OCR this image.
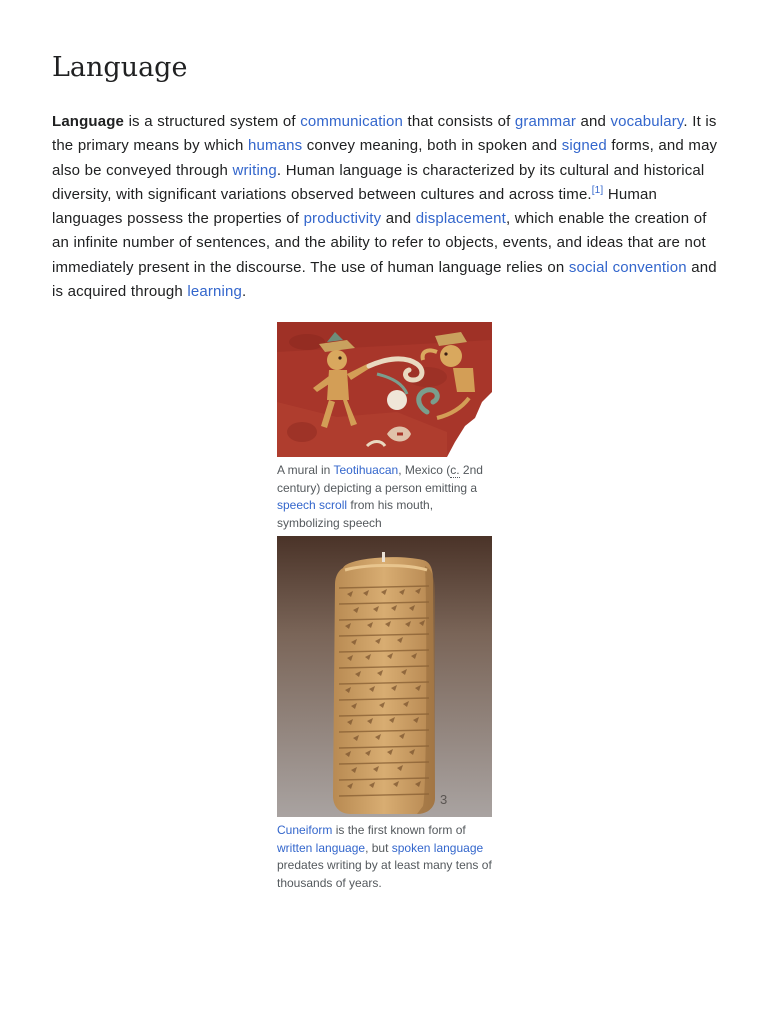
Language

Language is a structured system of communication that consists of grammar and vocabulary. It is the primary means by which humans convey meaning, both in spoken and signed forms, and may also be conveyed through writing. Human language is characterized by its cultural and historical diversity, with significant variations observed between cultures and across time.[1] Human languages possess the properties of productivity and displacement, which enable the creation of an infinite number of sentences, and the ability to refer to objects, events, and ideas that are not immediately present in the discourse. The use of human language relies on social convention and is acquired through learning.

A mural in Teotihuacan, Mexico (c. 2nd century) depicting a person emitting a speech scroll from his mouth, symbolizing speech

3

Cuneiform is the first known form of written language, but spoken language predates writing by at least many tens of thousands of years.
